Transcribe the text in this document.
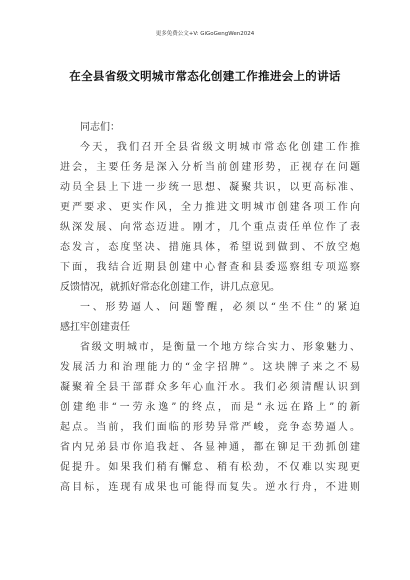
更多免费公文+V: GiGoGengWen2024
在全县省级文明城市常态化创建工作推进会上的讲话
同志们：
今天，我们召开全县省级文明城市常态化创建工作推
进会，主要任务是深入分析当前创建形势，正视存在问题
动员全县上下进一步统一思想、凝聚共识，以更高标准、
更严要求、更实作风，全力推进文明城市创建各项工作向
纵深发展、向常态迈进。刚才，几个重点责任单位作了表
态发言，态度坚决、措施具体，希望说到做到、不放空炮
下面，我结合近期县创建中心督查和县委巡察组专项巡察
反馈情况，就抓好常态化创建工作，讲几点意见。
一、形势逼人、问题警醒，必须以“坐不住”的紧迫
感扛牢创建责任
省级文明城市，是衡量一个地方综合实力、形象魅力、
发展活力和治理能力的“金字招牌”。这块牌子来之不易
凝聚着全县干部群众多年心血汗水。我们必须清醒认识到
创建绝非“一劳永逸”的终点，而是“永远在路上”的新
起点。当前，我们面临的形势异常严峻，竞争态势逼人。
省内兄弟县市你追我赶、各显神通，都在铆足干劲抓创建
促提升。如果我们稍有懈怠、稍有松劲，不仅难以实现更
高目标，连现有成果也可能得而复失。逆水行舟，不进则
